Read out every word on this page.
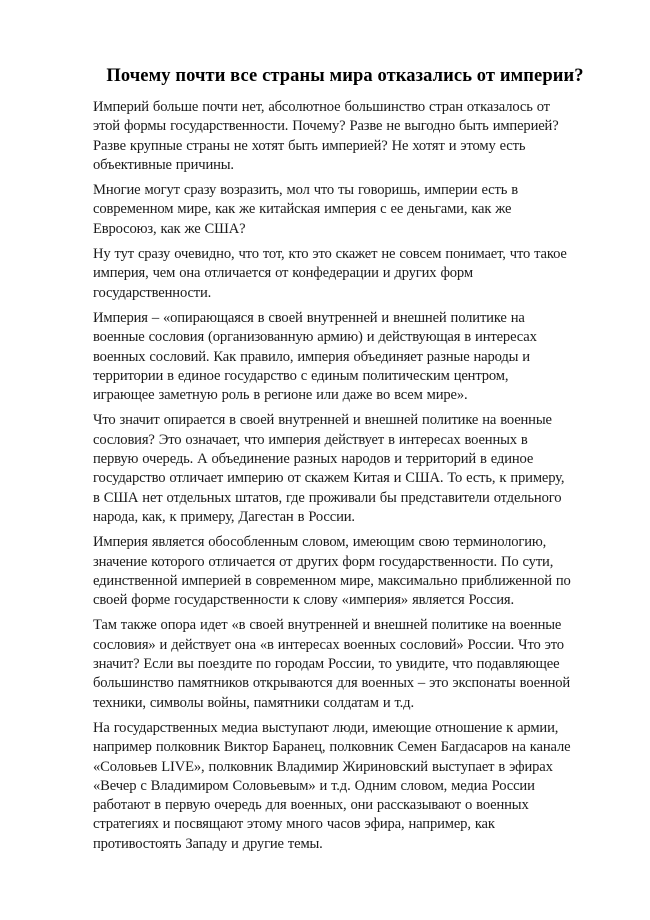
Почему почти все страны мира отказались от империи?

Империй больше почти нет, абсолютное большинство стран отказалось от
этой формы государственности. Почему? Разве не выгодно быть империей?
Разве крупные страны не хотят быть империей? Не хотят и этому есть
объективные причины.

Многие могут сразу возразить, мол что ты говоришь, империи есть в
современном мире, как же китайская империя с ее деньгами, как же
Евросоюз, как же США?

Ну тут сразу очевидно, что тот, кто это скажет не совсем понимает, что такое
империя, чем она отличается от конфедерации и других форм
государственности.

Империя – «опирающаяся в своей внутренней и внешней политике на
военные сословия (организованную армию) и действующая в интересах
военных сословий. Как правило, империя объединяет разные народы и
территории в единое государство с единым политическим центром,
играющее заметную роль в регионе или даже во всем мире».

Что значит опирается в своей внутренней и внешней политике на военные
сословия? Это означает, что империя действует в интересах военных в
первую очередь. А объединение разных народов и территорий в единое
государство отличает империю от скажем Китая и США. То есть, к примеру,
в США нет отдельных штатов, где проживали бы представители отдельного
народа, как, к примеру, Дагестан в России.

Империя является обособленным словом, имеющим свою терминологию,
значение которого отличается от других форм государственности. По сути,
единственной империей в современном мире, максимально приближенной по
своей форме государственности к слову «империя» является Россия.

Там также опора идет «в своей внутренней и внешней политике на военные
сословия» и действует она «в интересах военных сословий» России. Что это
значит? Если вы поездите по городам России, то увидите, что подавляющее
большинство памятников открываются для военных – это экспонаты военной
техники, символы войны, памятники солдатам и т.д.

На государственных медиа выступают люди, имеющие отношение к армии,
например полковник Виктор Баранец, полковник Семен Багдасаров на канале
«Соловьев LIVE», полковник Владимир Жириновский выступает в эфирах
«Вечер с Владимиром Соловьевым» и т.д. Одним словом, медиа России
работают в первую очередь для военных, они рассказывают о военных
стратегиях и посвящают этому много часов эфира, например, как
противостоять Западу и другие темы.
